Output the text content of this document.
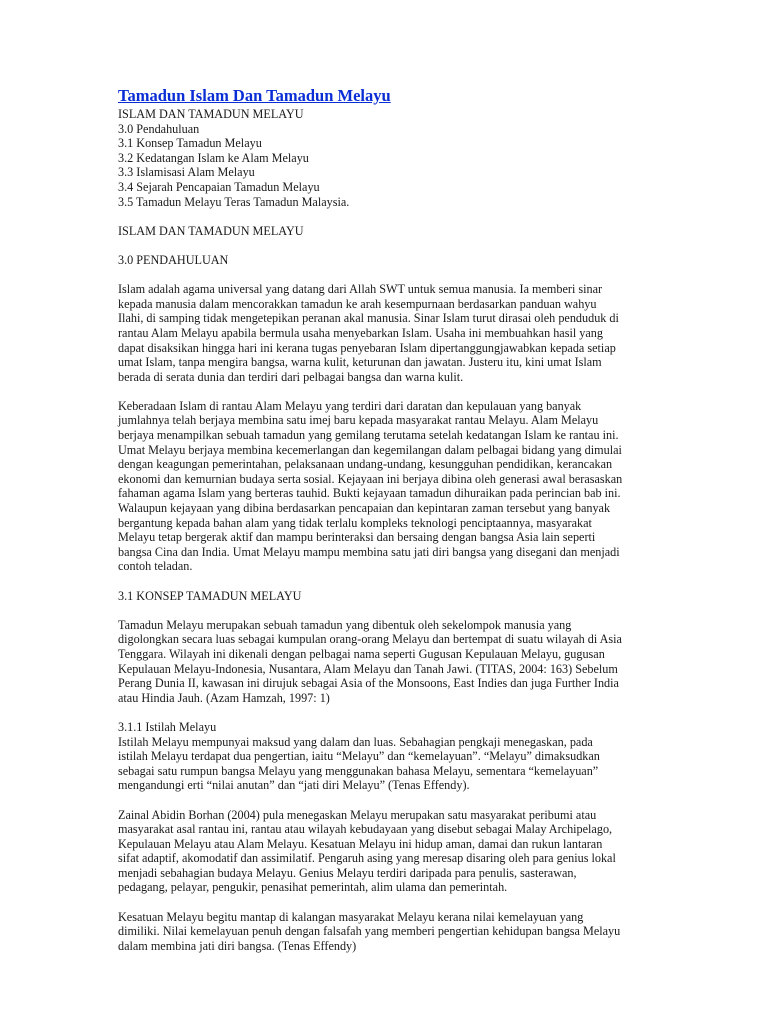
Tamadun Islam Dan Tamadun Melayu
ISLAM DAN TAMADUN MELAYU
3.0 Pendahuluan
3.1 Konsep Tamadun Melayu
3.2 Kedatangan Islam ke Alam Melayu
3.3 Islamisasi Alam Melayu
3.4 Sejarah Pencapaian Tamadun Melayu
3.5 Tamadun Melayu Teras Tamadun Malaysia.
ISLAM DAN TAMADUN MELAYU
3.0 PENDAHULUAN
Islam adalah agama universal yang datang dari Allah SWT untuk semua manusia. Ia memberi sinar
kepada manusia dalam mencorakkan tamadun ke arah kesempurnaan berdasarkan panduan wahyu
Ilahi, di samping tidak mengetepikan peranan akal manusia. Sinar Islam turut dirasai oleh penduduk di
rantau Alam Melayu apabila bermula usaha menyebarkan Islam. Usaha ini membuahkan hasil yang
dapat disaksikan hingga hari ini kerana tugas penyebaran Islam dipertanggungjawabkan kepada setiap
umat Islam, tanpa mengira bangsa, warna kulit, keturunan dan jawatan. Justeru itu, kini umat Islam
berada di serata dunia dan terdiri dari pelbagai bangsa dan warna kulit.
Keberadaan Islam di rantau Alam Melayu yang terdiri dari daratan dan kepulauan yang banyak
jumlahnya telah berjaya membina satu imej baru kepada masyarakat rantau Melayu. Alam Melayu
berjaya menampilkan sebuah tamadun yang gemilang terutama setelah kedatangan Islam ke rantau ini.
Umat Melayu berjaya membina kecemerlangan dan kegemilangan dalam pelbagai bidang yang dimulai
dengan keagungan pemerintahan, pelaksanaan undang-undang, kesungguhan pendidikan, kerancakan
ekonomi dan kemurnian budaya serta sosial. Kejayaan ini berjaya dibina oleh generasi awal berasaskan
fahaman agama Islam yang berteras tauhid. Bukti kejayaan tamadun dihuraikan pada perincian bab ini.
Walaupun kejayaan yang dibina berdasarkan pencapaian dan kepintaran zaman tersebut yang banyak
bergantung kepada bahan alam yang tidak terlalu kompleks teknologi penciptaannya, masyarakat
Melayu tetap bergerak aktif dan mampu berinteraksi dan bersaing dengan bangsa Asia lain seperti
bangsa Cina dan India. Umat Melayu mampu membina satu jati diri bangsa yang disegani dan menjadi
contoh teladan.
3.1 KONSEP TAMADUN MELAYU
Tamadun Melayu merupakan sebuah tamadun yang dibentuk oleh sekelompok manusia yang
digolongkan secara luas sebagai kumpulan orang-orang Melayu dan bertempat di suatu wilayah di Asia
Tenggara. Wilayah ini dikenali dengan pelbagai nama seperti Gugusan Kepulauan Melayu, gugusan
Kepulauan Melayu-Indonesia, Nusantara, Alam Melayu dan Tanah Jawi. (TITAS, 2004: 163) Sebelum
Perang Dunia II, kawasan ini dirujuk sebagai Asia of the Monsoons, East Indies dan juga Further India
atau Hindia Jauh. (Azam Hamzah, 1997: 1)
3.1.1 Istilah Melayu
Istilah Melayu mempunyai maksud yang dalam dan luas. Sebahagian pengkaji menegaskan, pada
istilah Melayu terdapat dua pengertian, iaitu “Melayu” dan “kemelayuan”. “Melayu” dimaksudkan
sebagai satu rumpun bangsa Melayu yang menggunakan bahasa Melayu, sementara “kemelayuan”
mengandungi erti “nilai anutan” dan “jati diri Melayu” (Tenas Effendy).
Zainal Abidin Borhan (2004) pula menegaskan Melayu merupakan satu masyarakat peribumi atau
masyarakat asal rantau ini, rantau atau wilayah kebudayaan yang disebut sebagai Malay Archipelago,
Kepulauan Melayu atau Alam Melayu. Kesatuan Melayu ini hidup aman, damai dan rukun lantaran
sifat adaptif, akomodatif dan assimilatif. Pengaruh asing yang meresap disaring oleh para genius lokal
menjadi sebahagian budaya Melayu. Genius Melayu terdiri daripada para penulis, sasterawan,
pedagang, pelayar, pengukir, penasihat pemerintah, alim ulama dan pemerintah.
Kesatuan Melayu begitu mantap di kalangan masyarakat Melayu kerana nilai kemelayuan yang
dimiliki. Nilai kemelayuan penuh dengan falsafah yang memberi pengertian kehidupan bangsa Melayu
dalam membina jati diri bangsa. (Tenas Effendy)
